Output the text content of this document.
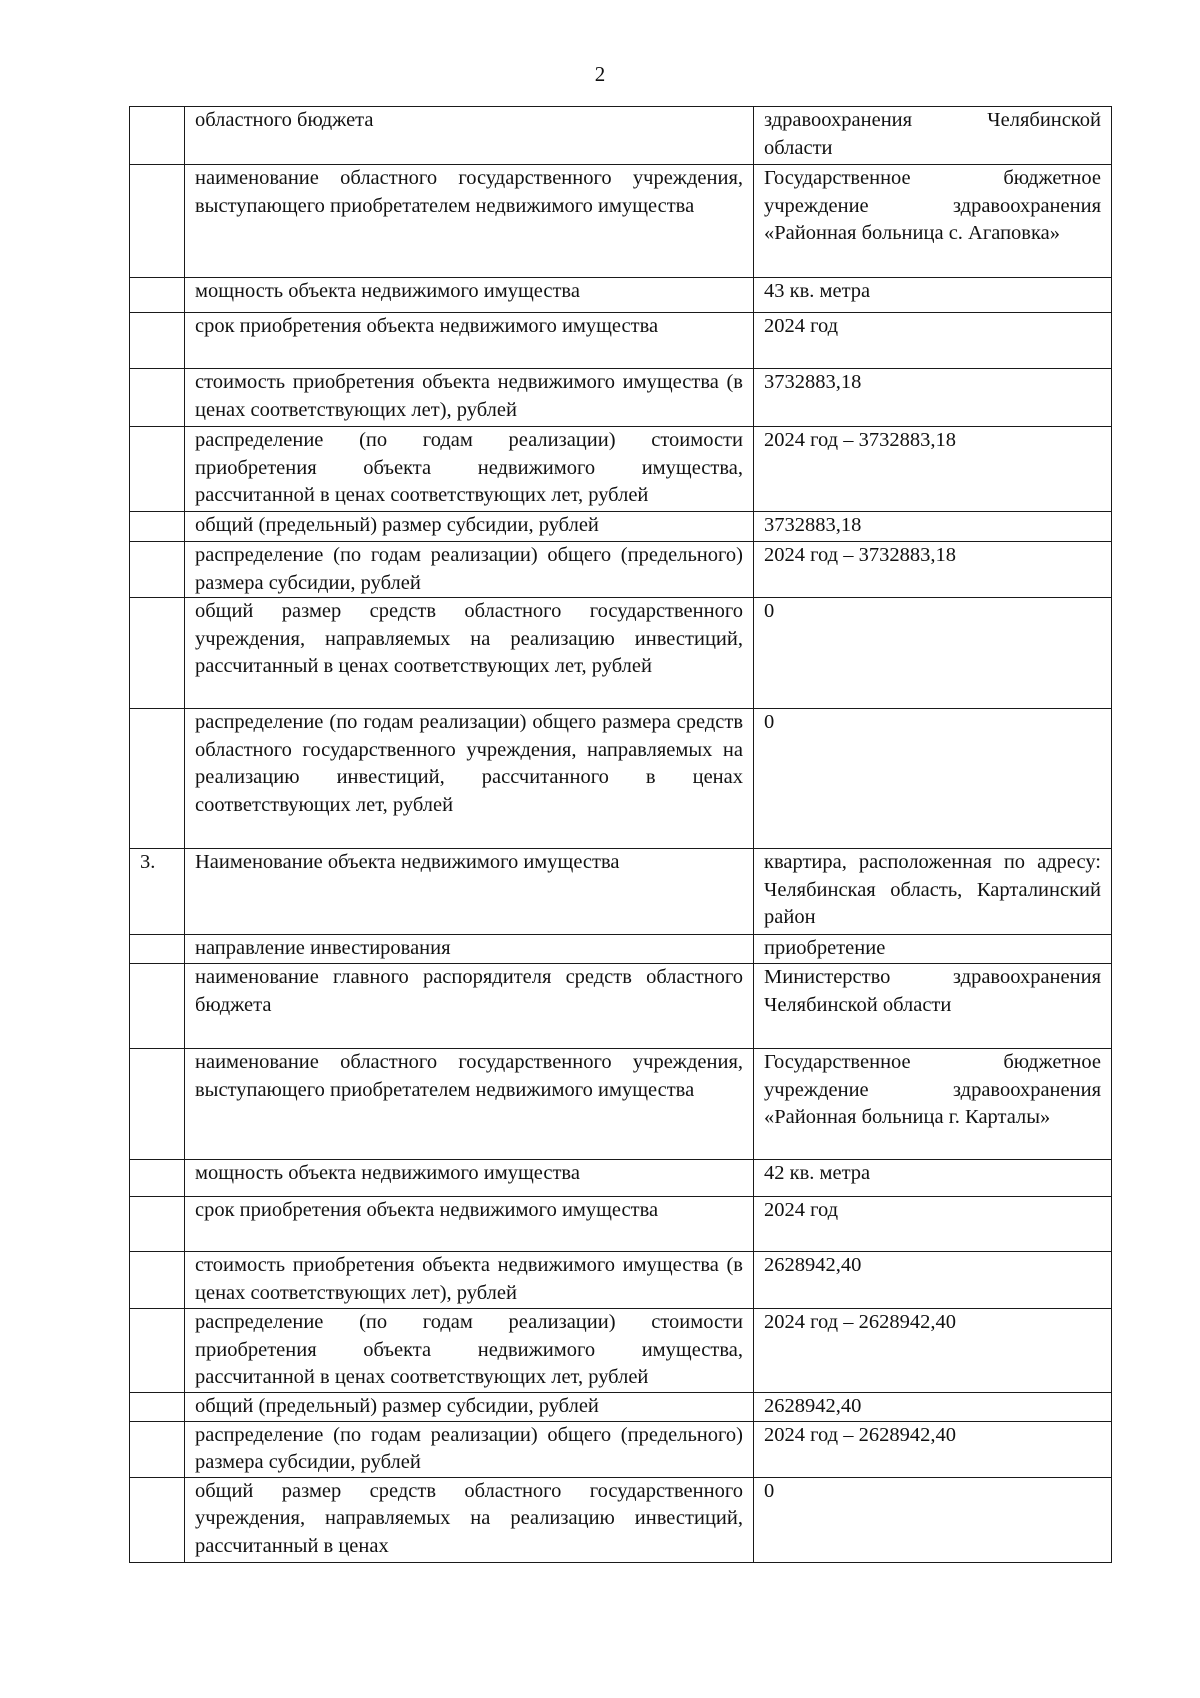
2
	областного бюджета	здравоохранения Челябинской области
	наименование областного государственного учреждения, выступающего приобретателем недвижимого имущества	Государственное бюджетное учреждение здравоохранения «Районная больница с. Агаповка»
	мощность объекта недвижимого имущества	43 кв. метра
	срок приобретения объекта недвижимого имущества	2024 год
	стоимость приобретения объекта недвижимого имущества (в ценах соответствующих лет), рублей	3732883,18
	распределение (по годам реализации) стоимости приобретения объекта недвижимого имущества, рассчитанной в ценах соответствующих лет, рублей	2024 год – 3732883,18
	общий (предельный) размер субсидии, рублей	3732883,18
	распределение (по годам реализации) общего (предельного) размера субсидии, рублей	2024 год – 3732883,18
	общий размер средств областного государственного учреждения, направляемых на реализацию инвестиций, рассчитанный в ценах соответствующих лет, рублей	0
	распределение (по годам реализации) общего размера средств областного государственного учреждения, направляемых на реализацию инвестиций, рассчитанного в ценах соответствующих лет, рублей	0
3.	Наименование объекта недвижимого имущества	квартира, расположенная по адресу: Челябинская область, Карталинский район
	направление инвестирования	приобретение
	наименование главного распорядителя средств областного бюджета	Министерство здравоохранения Челябинской области
	наименование областного государственного учреждения, выступающего приобретателем недвижимого имущества	Государственное бюджетное учреждение здравоохранения «Районная больница г. Карталы»
	мощность объекта недвижимого имущества	42 кв. метра
	срок приобретения объекта недвижимого имущества	2024 год
	стоимость приобретения объекта недвижимого имущества (в ценах соответствующих лет), рублей	2628942,40
	распределение (по годам реализации) стоимости приобретения объекта недвижимого имущества, рассчитанной в ценах соответствующих лет, рублей	2024 год – 2628942,40
	общий (предельный) размер субсидии, рублей	2628942,40
	распределение (по годам реализации) общего (предельного) размера субсидии, рублей	2024 год – 2628942,40
	общий размер средств областного государственного учреждения, направляемых на реализацию инвестиций, рассчитанный в ценах	0
